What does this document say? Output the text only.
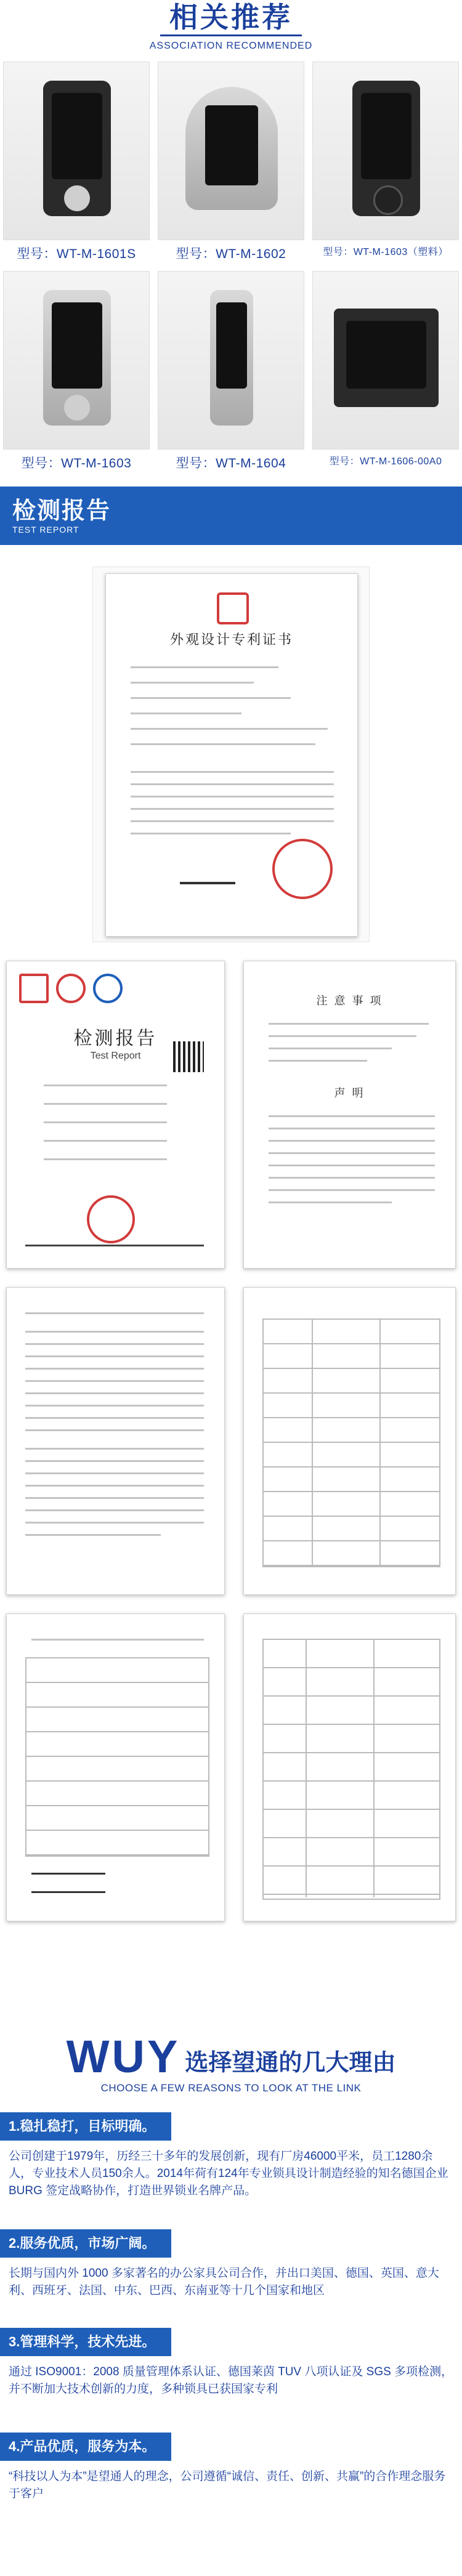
相关推荐
ASSOCIATION RECOMMENDED
型号：WT-M-1601S	型号：WT-M-1602	型号：WT-M-1603（塑料）
型号：WT-M-1603	型号：WT-M-1604	型号：WT-M-1606-00A0
检测报告
TEST REPORT
外观设计专利证书
检测报告
Test Report
注 意 事 项
声 明
WUY 选择望通的几大理由
CHOOSE A FEW REASONS TO LOOK AT THE LINK
1.稳扎稳打，目标明确。
公司创建于1979年，历经三十多年的发展创新，现有厂房46000平米，员工1280余人，专业技术人员150余人。2014年荷有124年专业锁具设计制造经验的知名德国企业 BURG 签定战略协作，打造世界锁业名牌产品。
2.服务优质，市场广阔。
长期与国内外 1000 多家著名的办公家具公司合作，并出口美国、德国、英国、意大利、西班牙、法国、中东、巴西、东南亚等十几个国家和地区
3.管理科学，技术先进。
通过 ISO9001：2008 质量管理体系认证、德国莱茵 TUV 八项认证及 SGS 多项检测，并不断加大技术创新的力度，多种锁具已获国家专利
4.产品优质，服务为本。
“科技以人为本”是望通人的理念，公司遵循“诚信、责任、创新、共赢”的合作理念服务于客户
